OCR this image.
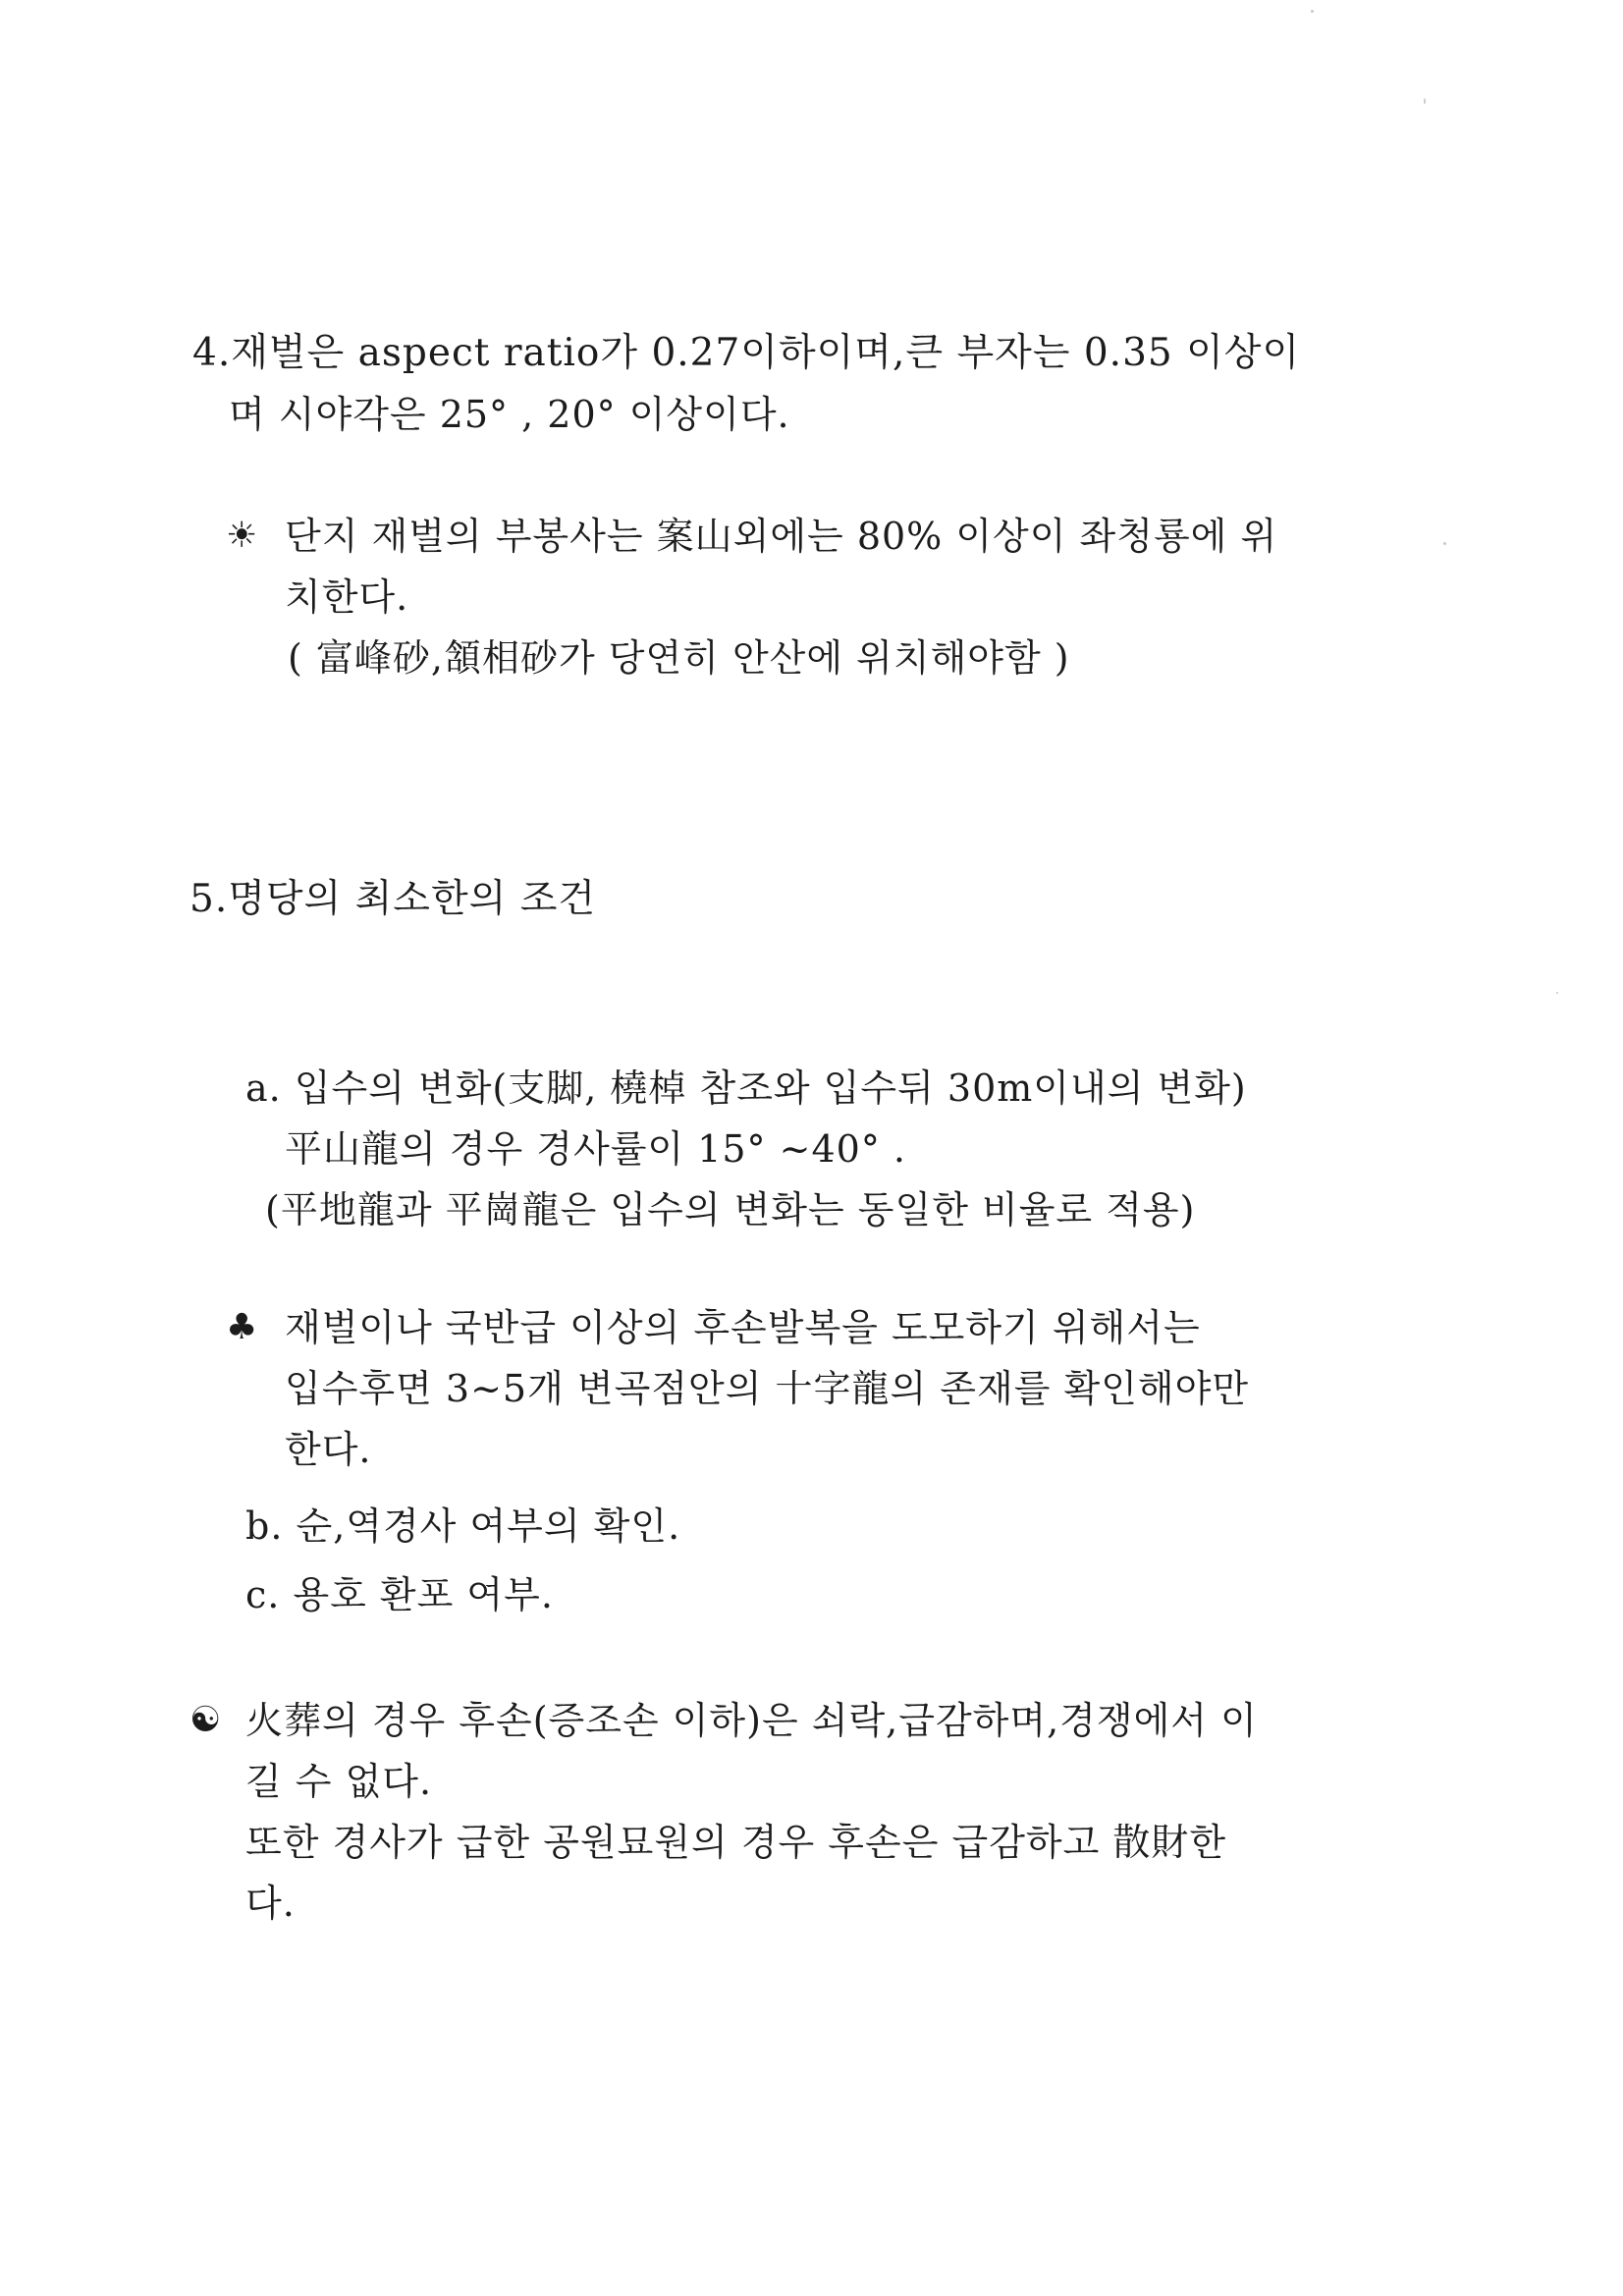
4.재벌은 aspect ratio가 0.27이하이며,큰 부자는 0.35 이상이
며 시야각은 25° , 20° 이상이다.
☀ 단지 재벌의 부봉사는 案山외에는 80% 이상이 좌청룡에 위
치한다.
( 富峰砂,頷相砂가 당연히 안산에 위치해야함 )
5.명당의 최소한의 조건
a. 입수의 변화(支脚, 橈棹 참조와 입수뒤 30m이내의 변화)
平山龍의 경우 경사률이 15° ~40° .
(平地龍과 平崗龍은 입수의 변화는 동일한 비율로 적용)
♣ 재벌이나 국반급 이상의 후손발복을 도모하기 위해서는
입수후면 3~5개 변곡점안의 十字龍의 존재를 확인해야만
한다.
b. 순,역경사 여부의 확인.
c. 용호 환포 여부.
☯ 火葬의 경우 후손(증조손 이하)은 쇠락,급감하며,경쟁에서 이
길 수 없다.
또한 경사가 급한 공원묘원의 경우 후손은 급감하고 散財한
다.
